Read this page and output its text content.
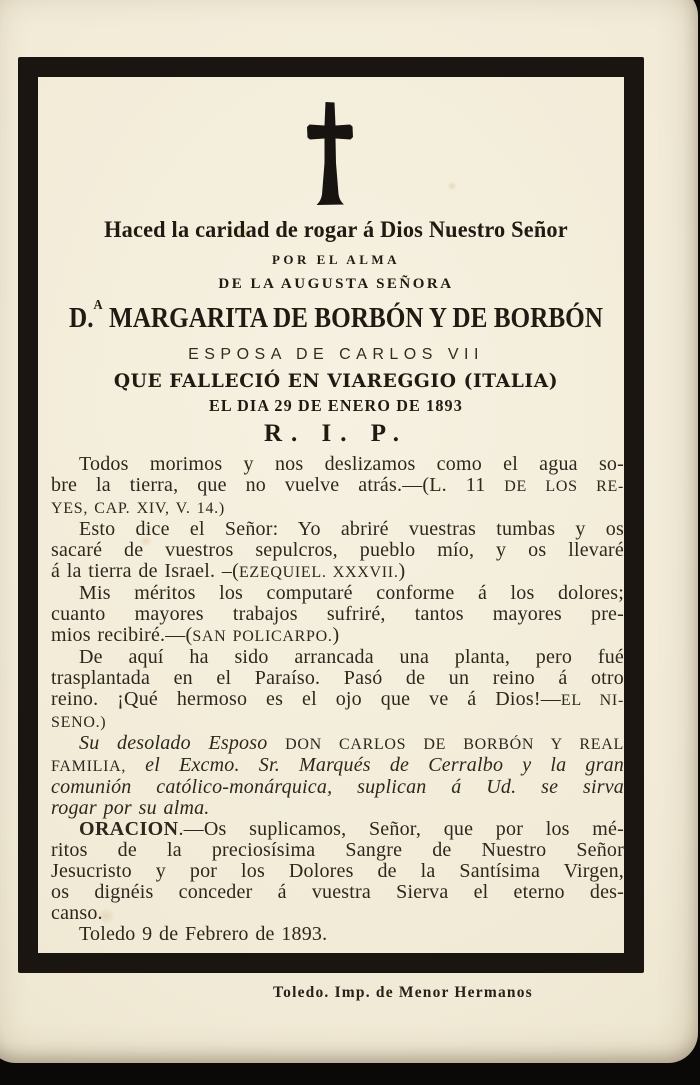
Haced la caridad de rogar á Dios Nuestro Señor
POR EL ALMA
DE LA AUGUSTA SEÑORA
D.$^A$ MARGARITA DE BORBÓN Y DE BORBÓN
ESPOSA DE CARLOS VII
QUE FALLECIÓ EN VIAREGGIO (ITALIA)
EL DIA 29 DE ENERO DE 1893
R. I. P.
Todos morimos y nos deslizamos como el agua so-
bre la tierra, que no vuelve atrás.—(L. 11 DE LOS RE-
YES, CAP. XIV, V. 14.)
Esto dice el Señor: Yo abriré vuestras tumbas y os
sacaré de vuestros sepulcros, pueblo mío, y os llevaré
á la tierra de Israel. –(EZEQUIEL. XXXVII.)
Mis méritos los computaré conforme á los dolores;
cuanto mayores trabajos sufriré, tantos mayores pre-
mios recibiré.—(SAN POLICARPO.)
De aquí ha sido arrancada una planta, pero fué
trasplantada en el Paraíso. Pasó de un reino á otro
reino. ¡Qué hermoso es el ojo que ve á Dios!—EL NI-
SENO.)
Su desolado Esposo DON CARLOS DE BORBÓN Y REAL
FAMILIA, el Excmo. Sr. Marqués de Cerralbo y la gran
comunión católico-monárquica, suplican á Ud. se sirva
rogar por su alma.
ORACION.—Os suplicamos, Señor, que por los mé-
ritos de la preciosísima Sangre de Nuestro Señor
Jesucristo y por los Dolores de la Santísima Virgen,
os dignéis conceder á vuestra Sierva el eterno des-
canso.
Toledo 9 de Febrero de 1893.
Toledo. Imp. de Menor Hermanos
